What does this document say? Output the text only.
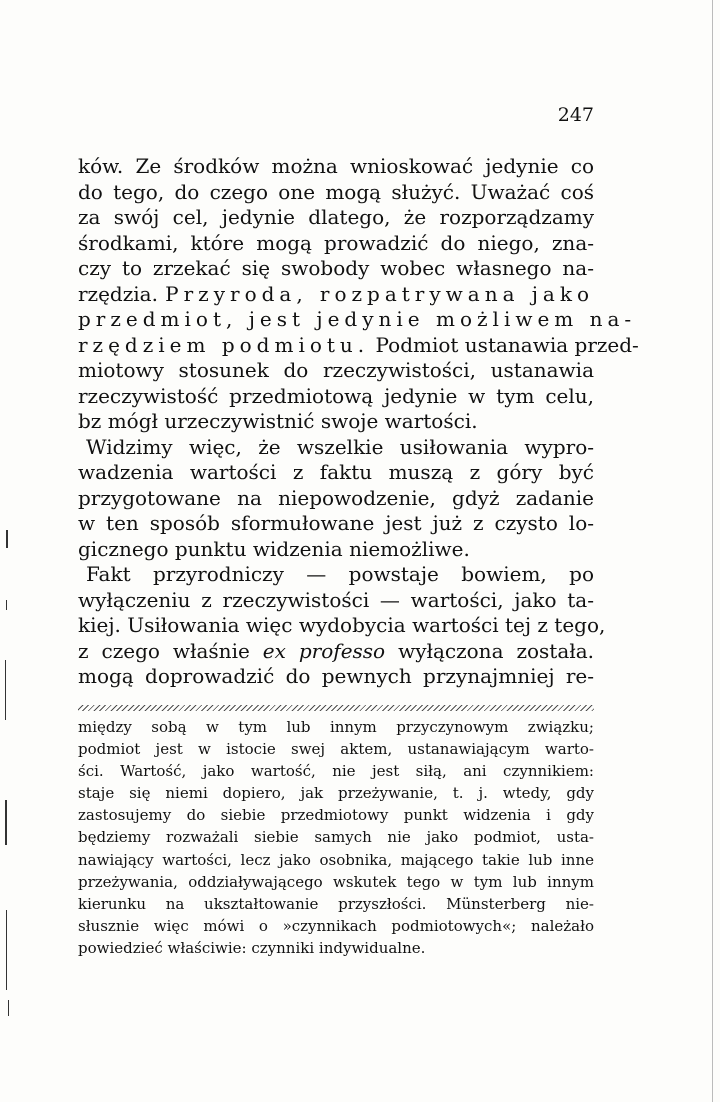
247
ków. Ze środków można wnioskować jedynie co
do tego, do czego one mogą służyć. Uważać coś
za swój cel, jedynie dlatego, że rozporządzamy
środkami, które mogą prowadzić do niego, zna-
czy to zrzekać się swobody wobec własnego na-
rzędzia. Przyroda, rozpatrywana jako
przedmiot, jest jedynie możliwem na-
rzędziem podmiotu. Podmiot ustanawia przed-
miotowy stosunek do rzeczywistości, ustanawia
rzeczywistość przedmiotową jedynie w tym celu,
bz mógł urzeczywistnić swoje wartości.
Widzimy więc, że wszelkie usiłowania wypro-
wadzenia wartości z faktu muszą z góry być
przygotowane na niepowodzenie, gdyż zadanie
w ten sposób sformułowane jest już z czysto lo-
gicznego punktu widzenia niemożliwe.
Fakt przyrodniczy — powstaje bowiem, po
wyłączeniu z rzeczywistości — wartości, jako ta-
kiej. Usiłowania więc wydobycia wartości tej z tego,
z czego właśnie ex professo wyłączona została.
mogą doprowadzić do pewnych przynajmniej re-
między sobą w tym lub innym przyczynowym związku;
podmiot jest w istocie swej aktem, ustanawiającym warto-
ści. Wartość, jako wartość, nie jest siłą, ani czynnikiem:
staje się niemi dopiero, jak przeżywanie, t. j. wtedy, gdy
zastosujemy do siebie przedmiotowy punkt widzenia i gdy
będziemy rozważali siebie samych nie jako podmiot, usta-
nawiający wartości, lecz jako osobnika, mającego takie lub inne
przeżywania, oddziaływającego wskutek tego w tym lub innym
kierunku na ukształtowanie przyszłości. Münsterberg nie-
słusznie więc mówi o »czynnikach podmiotowych«; należało
powiedzieć właściwie: czynniki indywidualne.
